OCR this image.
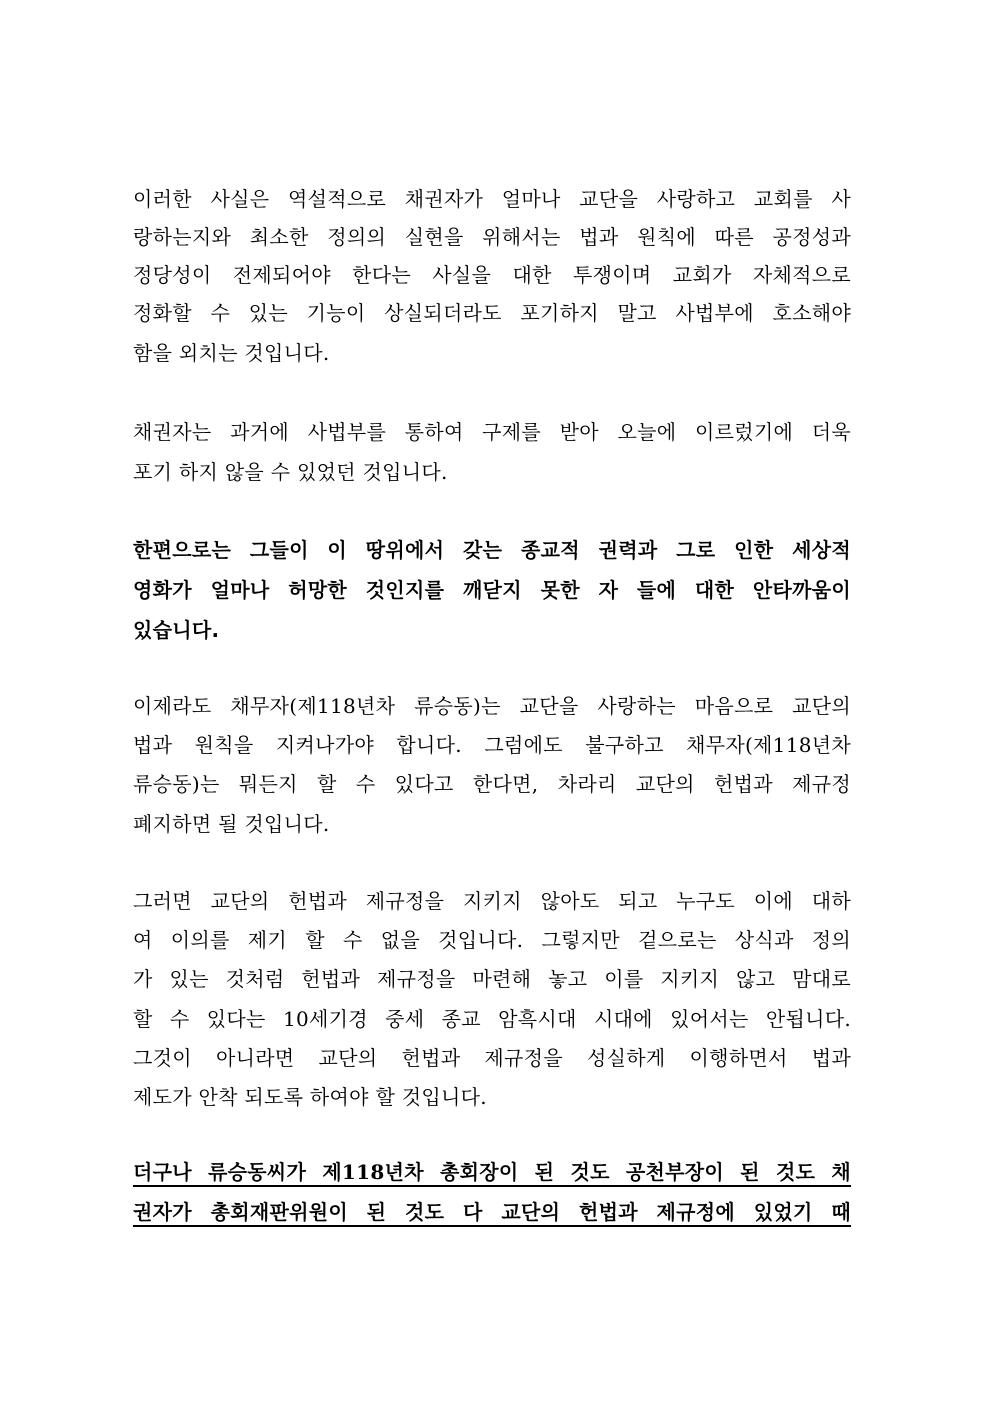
이러한 사실은 역설적으로 채권자가 얼마나 교단을 사랑하고 교회를 사
랑하는지와 최소한 정의의 실현을 위해서는 법과 원칙에 따른 공정성과
정당성이 전제되어야 한다는 사실을 대한 투쟁이며 교회가 자체적으로
정화할 수 있는 기능이 상실되더라도 포기하지 말고 사법부에 호소해야
함을 외치는 것입니다.
채권자는 과거에 사법부를 통하여 구제를 받아 오늘에 이르렀기에 더욱
포기 하지 않을 수 있었던 것입니다.
한편으로는 그들이 이 땅위에서 갖는 종교적 권력과 그로 인한 세상적
영화가 얼마나 허망한 것인지를 깨닫지 못한 자 들에 대한 안타까움이
있습니다.
이제라도 채무자(제118년차 류승동)는 교단을 사랑하는 마음으로 교단의
법과 원칙을 지켜나가야 합니다. 그럼에도 불구하고 채무자(제118년차
류승동)는 뭐든지 할 수 있다고 한다면, 차라리 교단의 헌법과 제규정
폐지하면 될 것입니다.
그러면 교단의 헌법과 제규정을 지키지 않아도 되고 누구도 이에 대하
여 이의를 제기 할 수 없을 것입니다. 그렇지만 겉으로는 상식과 정의
가 있는 것처럼 헌법과 제규정을 마련해 놓고 이를 지키지 않고 맘대로
할 수 있다는 10세기경 중세 종교 암흑시대 시대에 있어서는 안됩니다.
그것이 아니라면 교단의 헌법과 제규정을 성실하게 이행하면서 법과
제도가 안착 되도록 하여야 할 것입니다.
더구나 류승동씨가 제118년차 총회장이 된 것도 공천부장이 된 것도 채
권자가 총회재판위원이 된 것도 다 교단의 헌법과 제규정에 있었기 때
